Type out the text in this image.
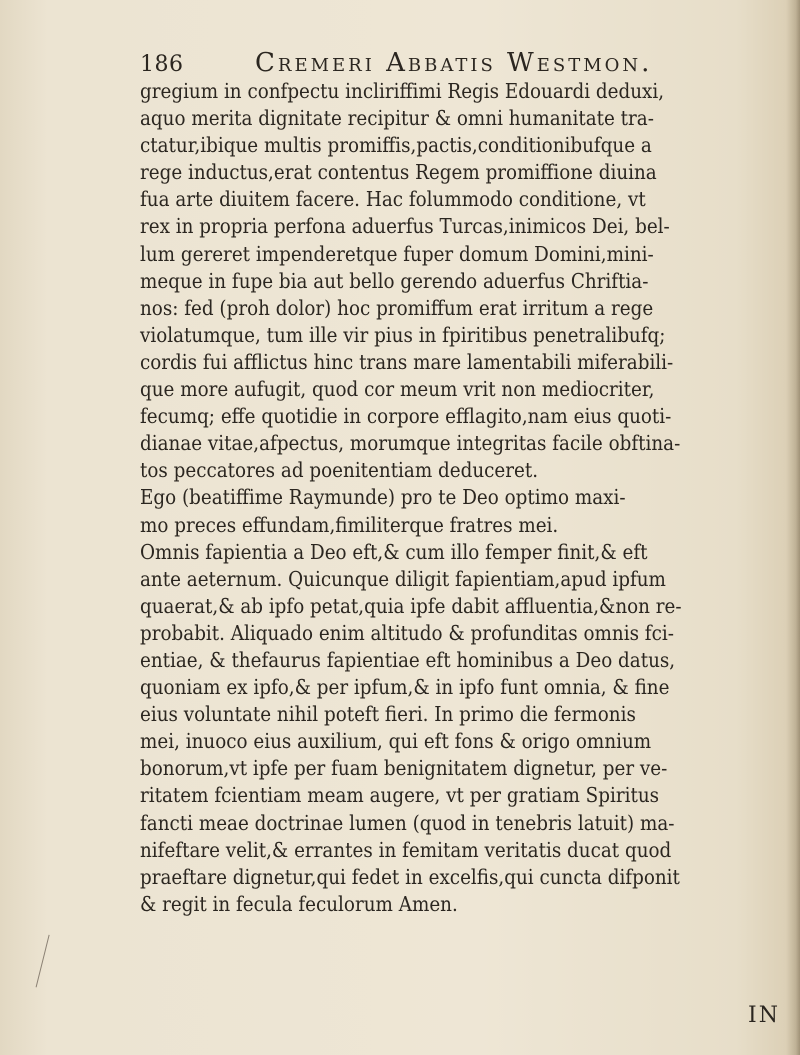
186	Cremeri Abbatis Westmon.
gregium in confpectu incliriffimi Regis Edouardi deduxi,
aquo merita dignitate recipitur & omni humanitate tra-
ctatur,ibique multis promiffis,pactis,conditionibufque a
rege inductus,erat contentus Regem promiffione diuina
fua arte diuitem facere. Hac folummodo conditione, vt
rex in propria perfona aduerfus Turcas,inimicos Dei, bel-
lum gereret impenderetque fuper domum Domini,mini-
meque in fupe bia aut bello gerendo aduerfus Chriftia-
nos: fed (proh dolor) hoc promiffum erat irritum a rege
violatumque, tum ille vir pius in fpiritibus penetralibufq;
cordis fui afflictus hinc trans mare lamentabili miferabili-
que more aufugit, quod cor meum vrit non mediocriter,
fecumq; effe quotidie in corpore efflagito,nam eius quoti-
dianae vitae,afpectus, morumque integritas facile obftina-
tos peccatores ad poenitentiam deduceret.
Ego (beatiffime Raymunde) pro te Deo optimo maxi-
mo preces effundam,fimiliterque fratres mei.
Omnis fapientia a Deo eft,& cum illo femper finit,& eft
ante aeternum. Quicunque diligit fapientiam,apud ipfum
quaerat,& ab ipfo petat,quia ipfe dabit affluentia,&non re-
probabit. Aliquado enim altitudo & profunditas omnis fci-
entiae, & thefaurus fapientiae eft hominibus a Deo datus,
quoniam ex ipfo,& per ipfum,& in ipfo funt omnia, & fine
eius voluntate nihil poteft fieri. In primo die fermonis
mei, inuoco eius auxilium, qui eft fons & origo omnium
bonorum,vt ipfe per fuam benignitatem dignetur, per ve-
ritatem fcientiam meam augere, vt per gratiam Spiritus
fancti meae doctrinae lumen (quod in tenebris latuit) ma-
nifeftare velit,& errantes in femitam veritatis ducat quod
praeftare dignetur,qui fedet in excelfis,qui cuncta difponit
& regit in fecula feculorum Amen.
IN
